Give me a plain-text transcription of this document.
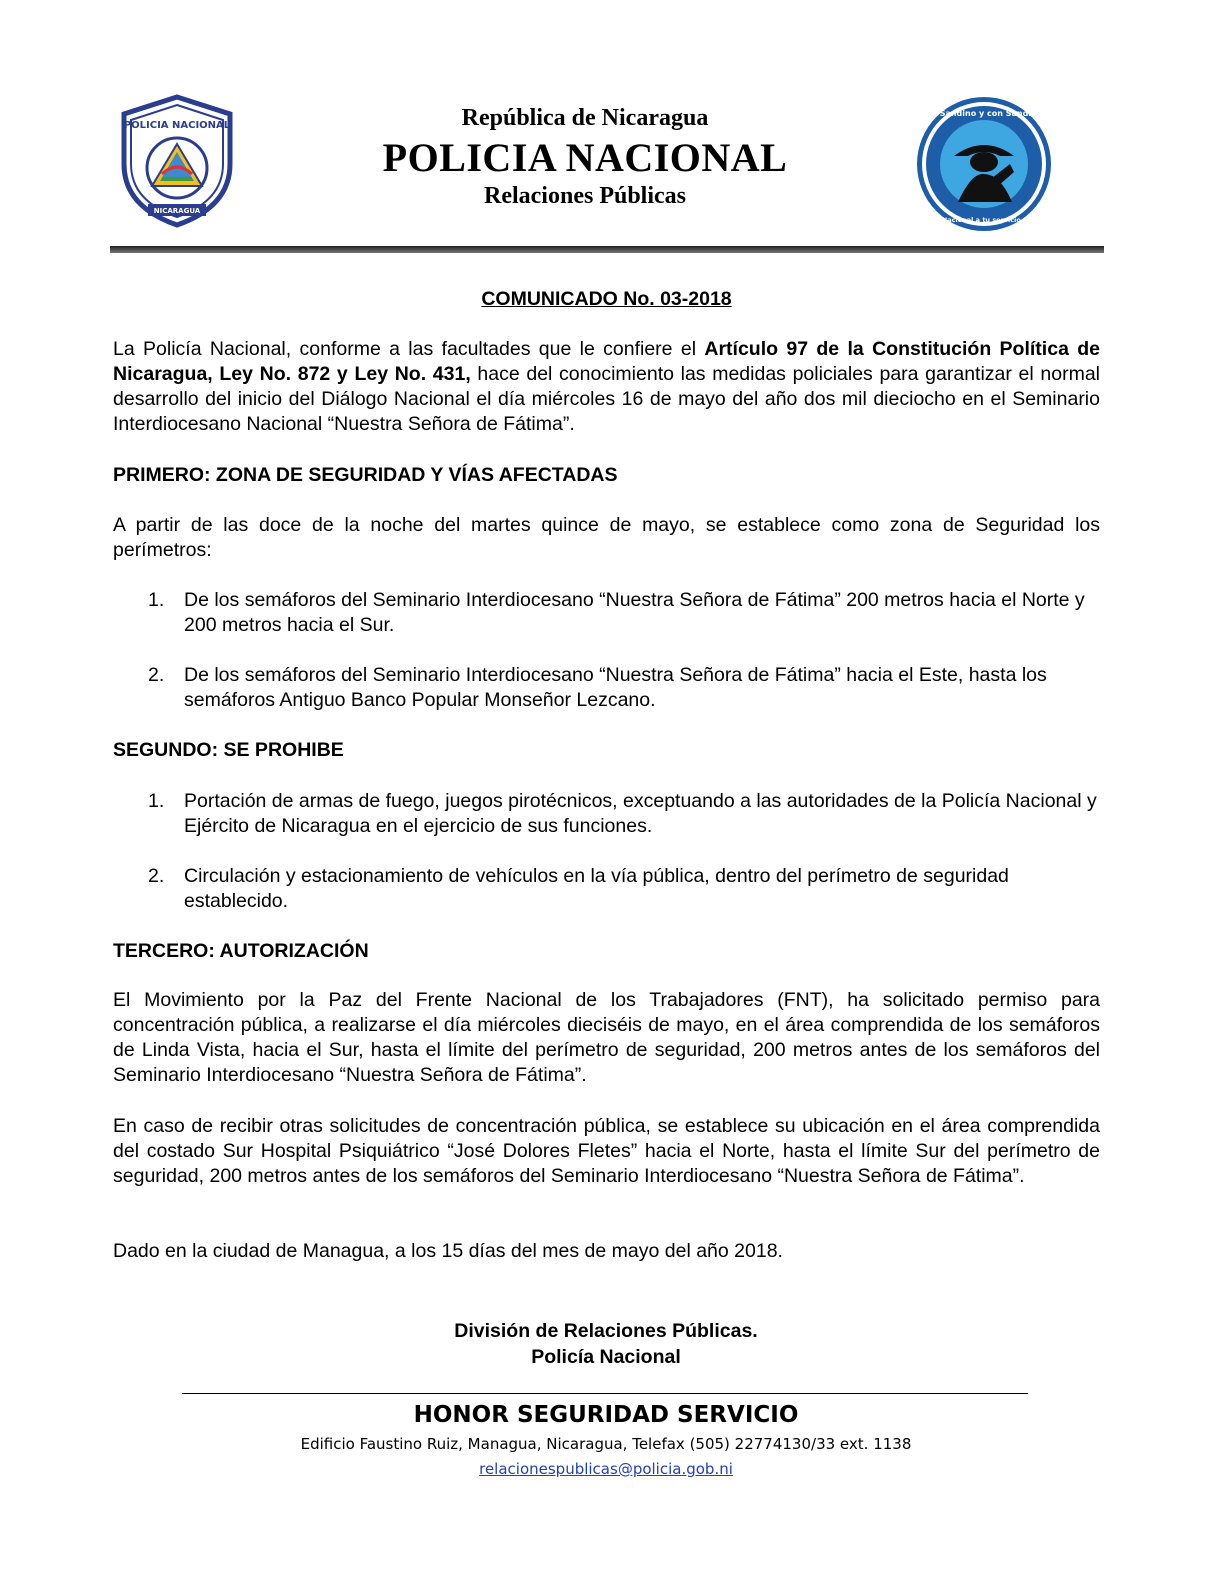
POLICIA NACIONAL
NICARAGUA
República de Nicaragua
POLICIA NACIONAL
Relaciones Públicas
En Sandino y con Sandino
Policía Nacional a tu servicio siempre
COMUNICADO No. 03-2018
La Policía Nacional, conforme a las facultades que le confiere el Artículo 97 de la Constitución Política de Nicaragua, Ley No. 872 y Ley No. 431, hace del conocimiento las medidas policiales para garantizar el normal desarrollo del inicio del Diálogo Nacional el día miércoles 16 de mayo del año dos mil dieciocho en el Seminario Interdiocesano Nacional “Nuestra Señora de Fátima”.
PRIMERO: ZONA DE SEGURIDAD Y VÍAS AFECTADAS
A partir de las doce de la noche del martes quince de mayo, se establece como zona de Seguridad los perímetros:
1.	De los semáforos del Seminario Interdiocesano “Nuestra Señora de Fátima” 200 metros hacia el Norte y 200 metros hacia el Sur.
2.	De los semáforos del Seminario Interdiocesano “Nuestra Señora de Fátima” hacia el Este, hasta los semáforos Antiguo Banco Popular Monseñor Lezcano.
SEGUNDO: SE PROHIBE
1.	Portación de armas de fuego, juegos pirotécnicos, exceptuando a las autoridades de la Policía Nacional y Ejército de Nicaragua en el ejercicio de sus funciones.
2.	Circulación y estacionamiento de vehículos en la vía pública, dentro del perímetro de seguridad establecido.
TERCERO: AUTORIZACIÓN
El Movimiento por la Paz del Frente Nacional de los Trabajadores (FNT), ha solicitado permiso para concentración pública, a realizarse el día miércoles dieciséis de mayo, en el área comprendida de los semáforos de Linda Vista, hacia el Sur, hasta el límite del perímetro de seguridad, 200 metros antes de los semáforos del Seminario Interdiocesano “Nuestra Señora de Fátima”.
En caso de recibir otras solicitudes de concentración pública, se establece su ubicación en el área comprendida del costado Sur Hospital Psiquiátrico “José Dolores Fletes” hacia el Norte, hasta el límite Sur del perímetro de seguridad, 200 metros antes de los semáforos del Seminario Interdiocesano “Nuestra Señora de Fátima”.
Dado en la ciudad de Managua, a los 15 días del mes de mayo del año 2018.
División de Relaciones Públicas.
Policía Nacional
HONOR SEGURIDAD SERVICIO
Edificio Faustino Ruiz, Managua, Nicaragua, Telefax (505) 22774130/33 ext. 1138
relacionespublicas@policia.gob.ni
